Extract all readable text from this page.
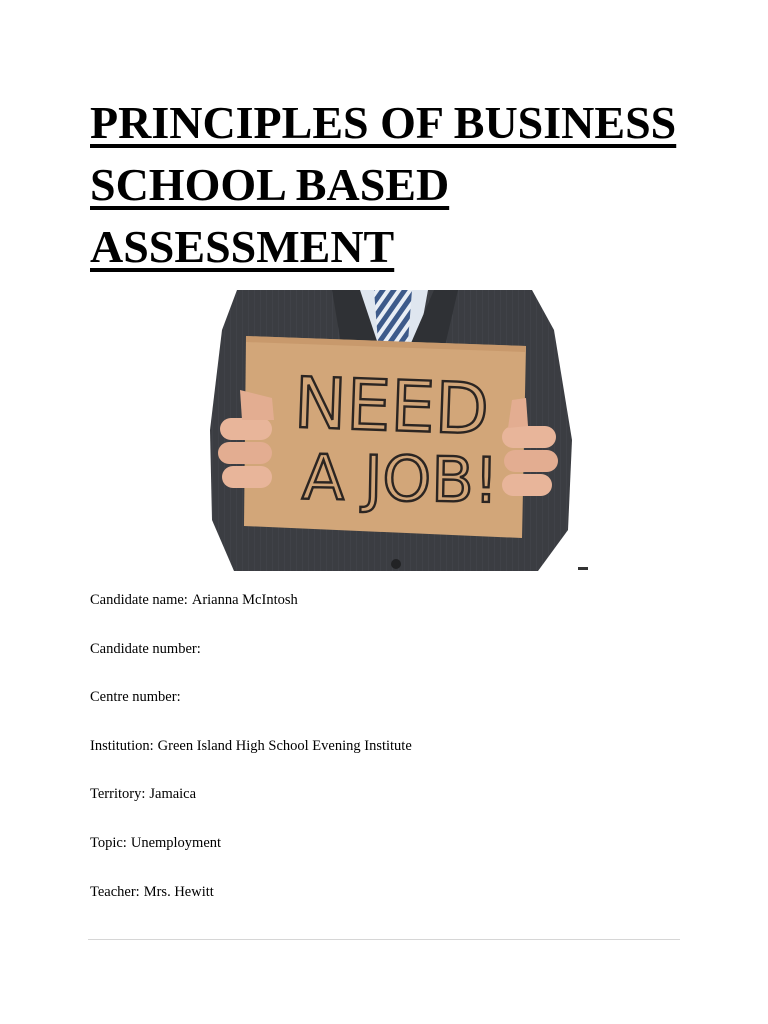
PRINCIPLES OF BUSINESS
SCHOOL BASED
ASSESSMENT
NEED
A JOB!
Candidate name: Arianna McIntosh
Candidate number:
Centre number:
Institution: Green Island High School Evening Institute
Territory: Jamaica
Topic: Unemployment
Teacher: Mrs. Hewitt
